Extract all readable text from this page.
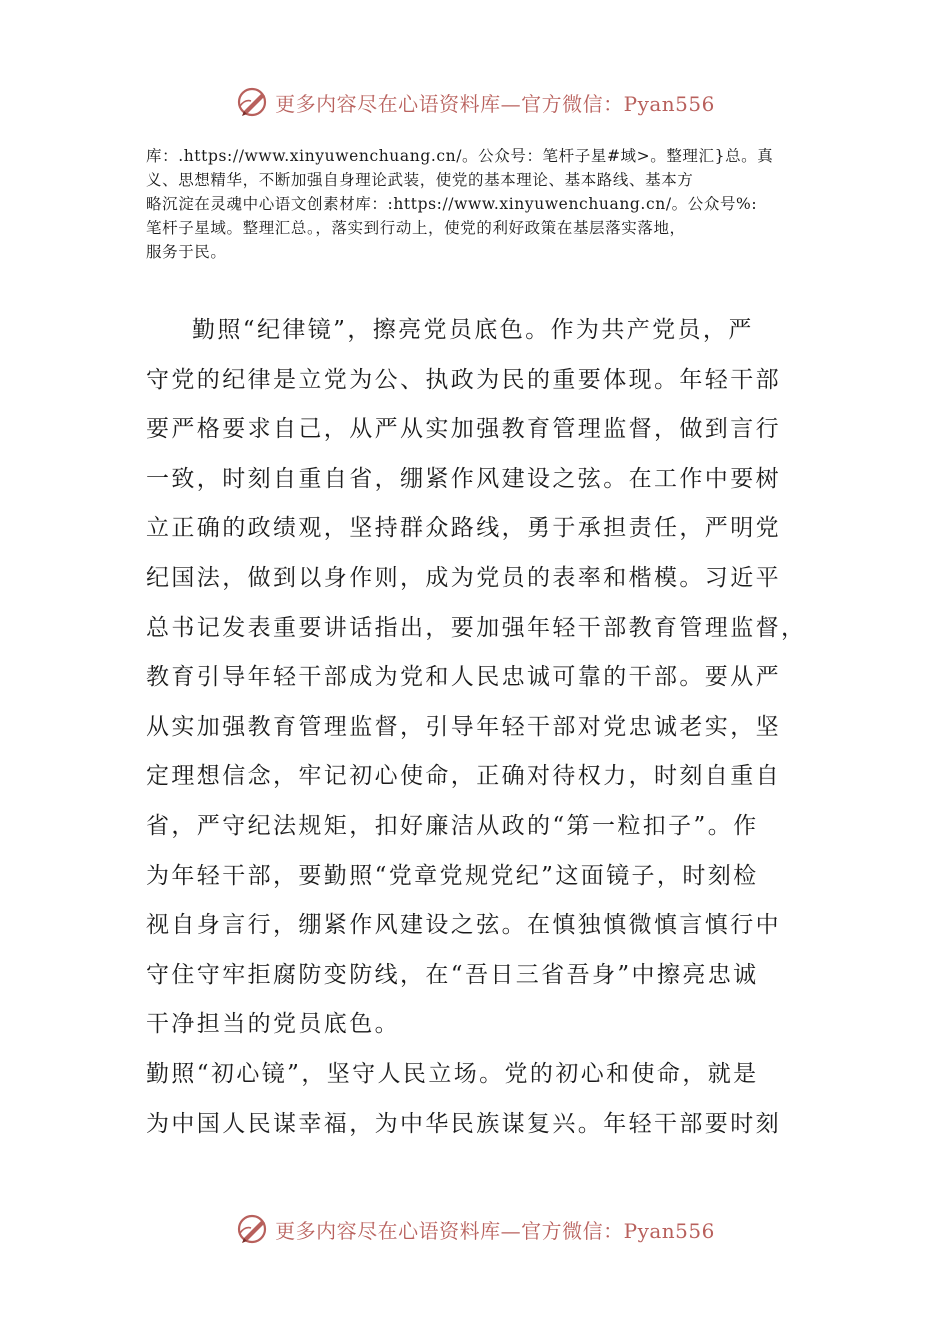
更多内容尽在心语资料库—官方微信：Pyan556
库：.https://www.xinyuwenchuang.cn/。公众号：笔杆子星#域>。整理汇}总。真
义、思想精华，不断加强自身理论武装，使党的基本理论、基本路线、基本方
略沉淀在灵魂中心语文创素材库：:https://www.xinyuwenchuang.cn/。公众号%:
笔杆子星域。整理汇总。，落实到行动上，使党的利好政策在基层落实落地，
服务于民。
勤照“纪律镜”，擦亮党员底色。作为共产党员，严
守党的纪律是立党为公、执政为民的重要体现。年轻干部
要严格要求自己，从严从实加强教育管理监督，做到言行
一致，时刻自重自省，绷紧作风建设之弦。在工作中要树
立正确的政绩观，坚持群众路线，勇于承担责任，严明党
纪国法，做到以身作则，成为党员的表率和楷模。习近平
总书记发表重要讲话指出，要加强年轻干部教育管理监督，
教育引导年轻干部成为党和人民忠诚可靠的干部。要从严
从实加强教育管理监督，引导年轻干部对党忠诚老实，坚
定理想信念，牢记初心使命，正确对待权力，时刻自重自
省，严守纪法规矩，扣好廉洁从政的“第一粒扣子”。作
为年轻干部，要勤照“党章党规党纪”这面镜子，时刻检
视自身言行，绷紧作风建设之弦。在慎独慎微慎言慎行中
守住守牢拒腐防变防线，在“吾日三省吾身”中擦亮忠诚
干净担当的党员底色。
勤照“初心镜”，坚守人民立场。党的初心和使命，就是
为中国人民谋幸福，为中华民族谋复兴。年轻干部要时刻
更多内容尽在心语资料库—官方微信：Pyan556
